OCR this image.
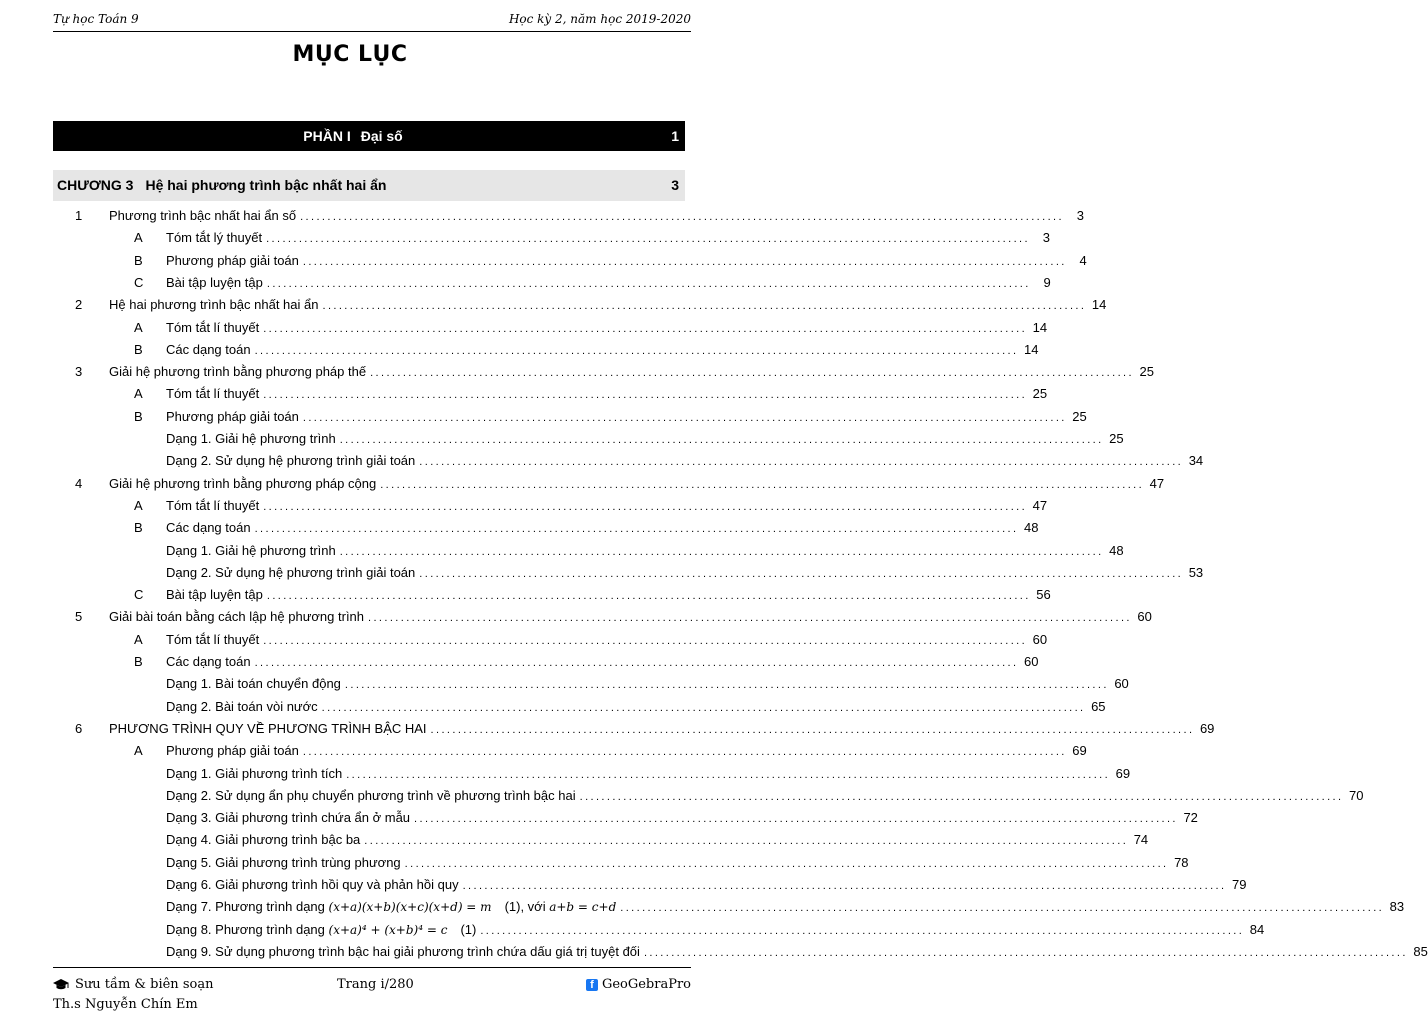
Tự học Toán 9	Học kỳ 2, năm học 2019-2020
MỤC LỤC
PHẦN I Đại số	1
CHƯƠNG 3 Hệ hai phương trình bậc nhất hai ẩn	3
1 Phương trình bậc nhất hai ẩn số ............................................................................................................................................ 3
A Tóm tắt lý thuyết ............................................................................................................................................ 3
B Phương pháp giải toán ............................................................................................................................................ 4
C Bài tập luyện tập ............................................................................................................................................ 9
2 Hệ hai phương trình bậc nhất hai ẩn ............................................................................................................................................ 14
A Tóm tắt lí thuyết ............................................................................................................................................ 14
B Các dạng toán ............................................................................................................................................ 14
3 Giải hệ phương trình bằng phương pháp thế ............................................................................................................................................ 25
A Tóm tắt lí thuyết ............................................................................................................................................ 25
B Phương pháp giải toán ............................................................................................................................................ 25
Dạng 1. Giải hệ phương trình ............................................................................................................................................ 25
Dạng 2. Sử dụng hệ phương trình giải toán ............................................................................................................................................ 34
4 Giải hệ phương trình bằng phương pháp cộng ............................................................................................................................................ 47
A Tóm tắt lí thuyết ............................................................................................................................................ 47
B Các dạng toán ............................................................................................................................................ 48
Dạng 1. Giải hệ phương trình ............................................................................................................................................ 48
Dạng 2. Sử dụng hệ phương trình giải toán ............................................................................................................................................ 53
C Bài tập luyện tập ............................................................................................................................................ 56
5 Giải bài toán bằng cách lập hệ phương trình ............................................................................................................................................ 60
A Tóm tắt lí thuyết ............................................................................................................................................ 60
B Các dạng toán ............................................................................................................................................ 60
Dạng 1. Bài toán chuyển động ............................................................................................................................................ 60
Dạng 2. Bài toán vòi nước ............................................................................................................................................ 65
6 PHƯƠNG TRÌNH QUY VỀ PHƯƠNG TRÌNH BẬC HAI ............................................................................................................................................ 69
A Phương pháp giải toán ............................................................................................................................................ 69
Dạng 1. Giải phương trình tích ............................................................................................................................................ 69
Dạng 2. Sử dụng ẩn phụ chuyển phương trình về phương trình bậc hai ............................................................................................................................................ 70
Dạng 3. Giải phương trình chứa ẩn ở mẫu ............................................................................................................................................ 72
Dạng 4. Giải phương trình bậc ba ............................................................................................................................................ 74
Dạng 5. Giải phương trình trùng phương ............................................................................................................................................ 78
Dạng 6. Giải phương trình hồi quy và phản hồi quy ............................................................................................................................................ 79
Dạng 7. Phương trình dạng (x+a)(x+b)(x+c)(x+d) = m  (1), với a+b = c+d ............................................................................................................................................ 83
Dạng 8. Phương trình dạng (x+a)⁴ + (x+b)⁴ = c  (1) ............................................................................................................................................ 84
Dạng 9. Sử dụng phương trình bậc hai giải phương trình chứa dấu giá trị tuyệt đối ............................................................................................................................................ 85
Sưu tầm & biên soạn
Th.s Nguyễn Chín Em
Trang i/280	f GeoGebraPro
